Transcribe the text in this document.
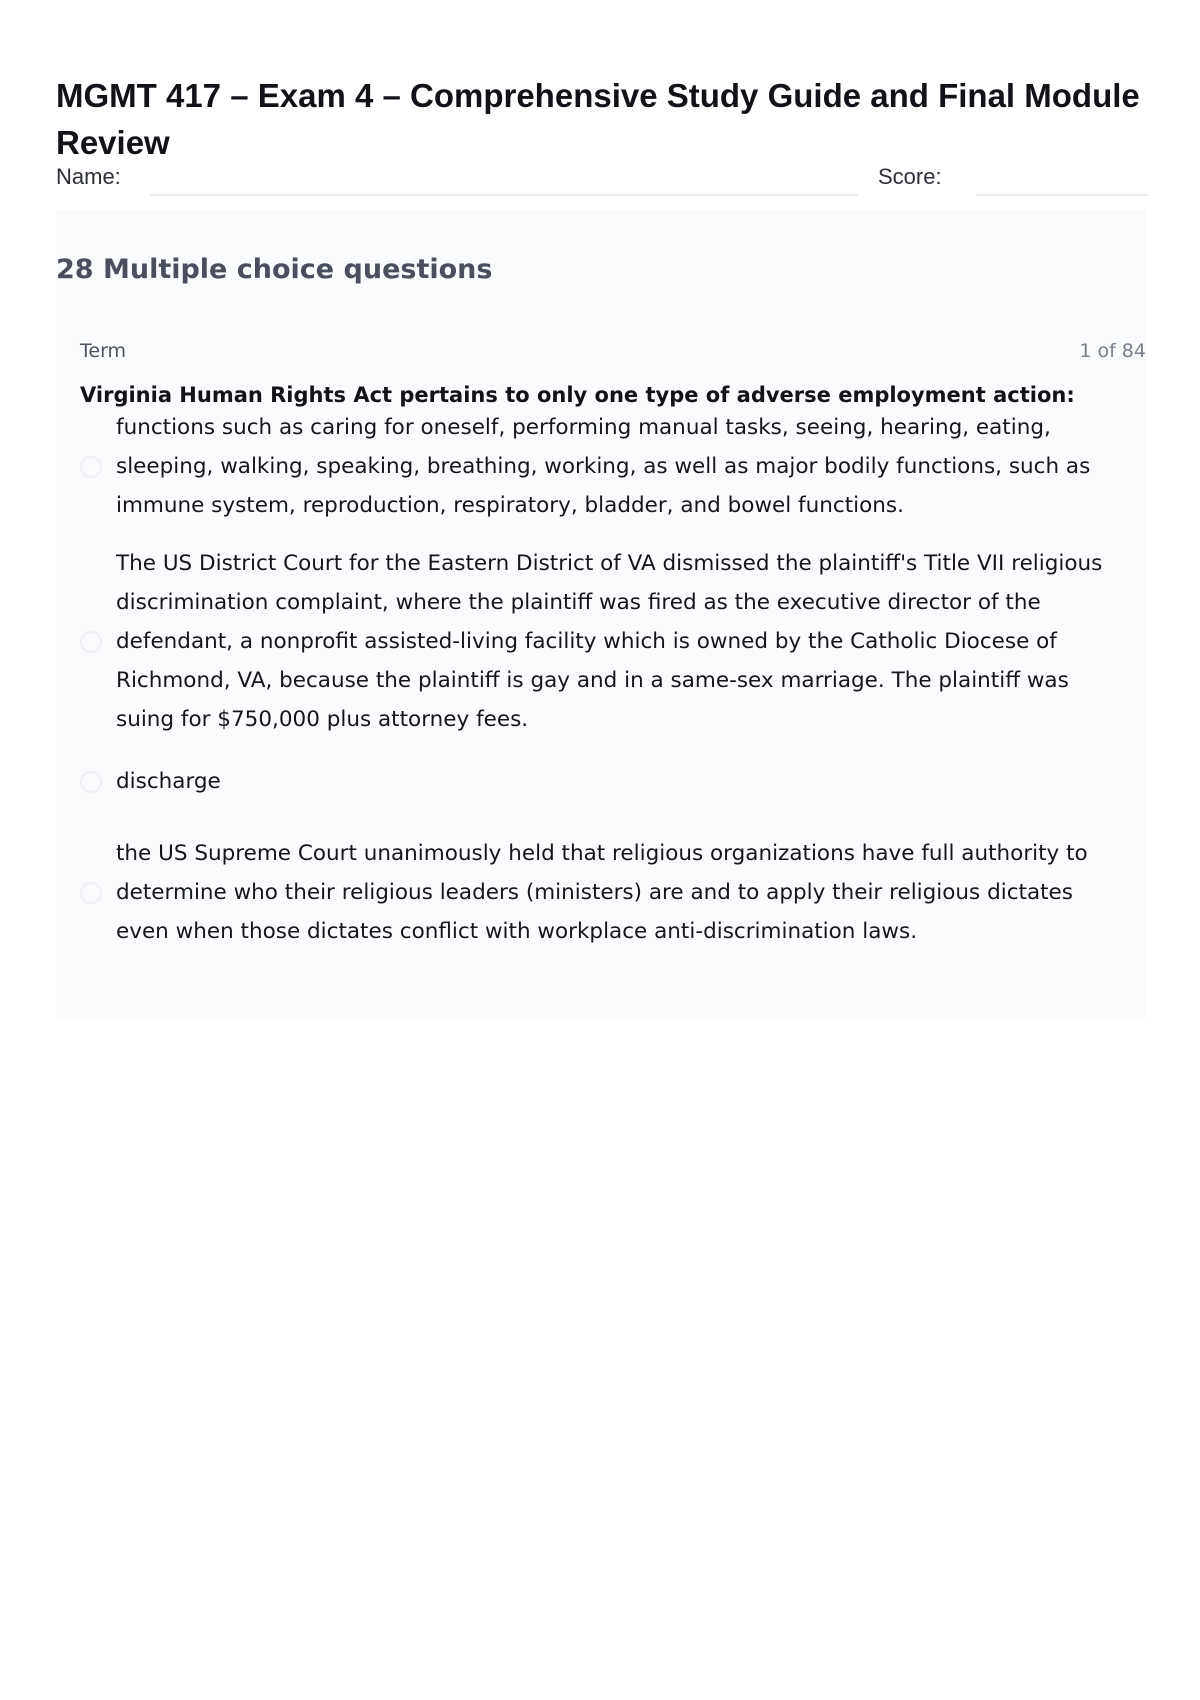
MGMT 417 – Exam 4 – Comprehensive Study Guide and Final Module Review
Name:	Score:
28 Multiple choice questions
Term	1 of 84

Virginia Human Rights Act pertains to only one type of adverse employment action:

functions such as caring for oneself, performing manual tasks, seeing, hearing, eating, sleeping, walking, speaking, breathing, working, as well as major bodily functions, such as immune system, reproduction, respiratory, bladder, and bowel functions.
The US District Court for the Eastern District of VA dismissed the plaintiff's Title VII religious discrimination complaint, where the plaintiff was fired as the executive director of the defendant, a nonprofit assisted-living facility which is owned by the Catholic Diocese of Richmond, VA, because the plaintiff is gay and in a same-sex marriage. The plaintiff was suing for $750,000 plus attorney fees.
discharge
the US Supreme Court unanimously held that religious organizations have full authority to determine who their religious leaders (ministers) are and to apply their religious dictates even when those dictates conflict with workplace anti-discrimination laws.
